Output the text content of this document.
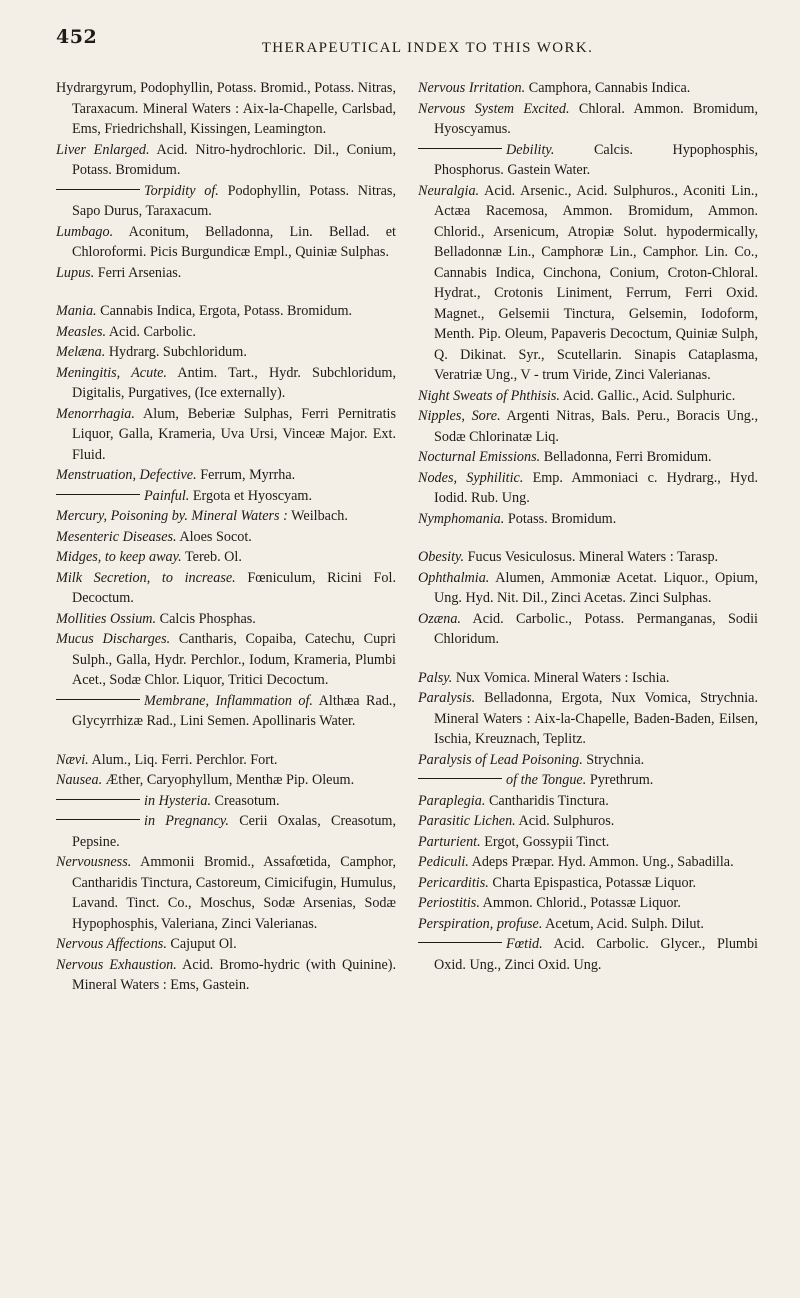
452	THERAPEUTICAL INDEX TO THIS WORK.

Hydrargyrum, Podophyllin, Potass. Bromid., Potass. Nitras, Taraxacum. Mineral Waters : Aix-la-Chapelle, Carlsbad, Ems, Friedrichshall, Kissingen, Leamington.

Liver Enlarged. Acid. Nitro-hydrochloric. Dil., Conium, Potass. Bromidum.

Torpidity of. Podophyllin, Potass. Nitras, Sapo Durus, Taraxacum.

Lumbago. Aconitum, Belladonna, Lin. Bellad. et Chloroformi. Picis Burgundicæ Empl., Quiniæ Sulphas.

Lupus. Ferri Arsenias.

Mania. Cannabis Indica, Ergota, Potass. Bromidum.

Measles. Acid. Carbolic.

Melæna. Hydrarg. Subchloridum.

Meningitis, Acute. Antim. Tart., Hydr. Subchloridum, Digitalis, Purgatives, (Ice externally).

Menorrhagia. Alum, Beberiæ Sulphas, Ferri Pernitratis Liquor, Galla, Krameria, Uva Ursi, Vinceæ Major. Ext. Fluid.

Menstruation, Defective. Ferrum, Myrrha.

Painful. Ergota et Hyoscyam.

Mercury, Poisoning by. Mineral Waters : Weilbach.

Mesenteric Diseases. Aloes Socot.

Midges, to keep away. Tereb. Ol.

Milk Secretion, to increase. Fœniculum, Ricini Fol. Decoctum.

Mollities Ossium. Calcis Phosphas.

Mucus Discharges. Cantharis, Copaiba, Catechu, Cupri Sulph., Galla, Hydr. Perchlor., Iodum, Krameria, Plumbi Acet., Sodæ Chlor. Liquor, Tritici Decoctum.

Membrane, Inflammation of. Althæa Rad., Glycyrrhizæ Rad., Lini Semen. Apollinaris Water.

Nævi. Alum., Liq. Ferri. Perchlor. Fort.

Nausea. Æther, Caryophyllum, Menthæ Pip. Oleum.

in Hysteria. Creasotum.

in Pregnancy. Cerii Oxalas, Creasotum, Pepsine.

Nervousness. Ammonii Bromid., Assafœtida, Camphor, Cantharidis Tinctura, Castoreum, Cimicifugin, Humulus, Lavand. Tinct. Co., Moschus, Sodæ Arsenias, Sodæ Hypophosphis, Valeriana, Zinci Valerianas.

Nervous Affections. Cajuput Ol.

Nervous Exhaustion. Acid. Bromo-hydric (with Quinine). Mineral Waters : Ems, Gastein.

Nervous Irritation. Camphora, Cannabis Indica.

Nervous System Excited. Chloral. Ammon. Bromidum, Hyoscyamus.

Debility.	Calcis. Hypophosphis, Phosphorus. Gastein Water.

Neuralgia. Acid. Arsenic., Acid. Sulphuros., Aconiti Lin., Actæa Racemosa, Ammon. Bromidum, Ammon. Chlorid., Arsenicum, Atropiæ Solut. hypodermically, Belladonnæ Lin., Camphoræ Lin., Camphor. Lin. Co., Cannabis Indica, Cinchona, Conium, Croton-Chloral. Hydrat., Crotonis Liniment, Ferrum, Ferri Oxid. Magnet., Gelsemii Tinctura, Gelsemin, Iodoform, Menth. Pip. Oleum, Papaveris Decoctum, Quiniæ Sulph, Q. Dikinat. Syr., Scutellarin. Sinapis Cataplasma, Veratriæ Ung., V - trum Viride, Zinci Valerianas.

Night Sweats of Phthisis. Acid. Gallic., Acid. Sulphuric.

Nipples, Sore. Argenti Nitras, Bals. Peru., Boracis Ung., Sodæ Chlorinatæ Liq.

Nocturnal Emissions. Belladonna, Ferri Bromidum.

Nodes, Syphilitic. Emp. Ammoniaci c. Hydrarg., Hyd. Iodid. Rub. Ung.

Nymphomania. Potass. Bromidum.

Obesity. Fucus Vesiculosus. Mineral Waters : Tarasp.

Ophthalmia. Alumen, Ammoniæ Acetat. Liquor., Opium, Ung. Hyd. Nit. Dil., Zinci Acetas. Zinci Sulphas.

Ozæna. Acid. Carbolic., Potass. Permanganas, Sodii Chloridum.

Palsy. Nux Vomica. Mineral Waters : Ischia.

Paralysis. Belladonna, Ergota, Nux Vomica, Strychnia. Mineral Waters : Aix-la-Chapelle, Baden-Baden, Eilsen, Ischia, Kreuznach, Teplitz.

Paralysis of Lead Poisoning. Strychnia.

of the Tongue. Pyrethrum.

Paraplegia. Cantharidis Tinctura.

Parasitic Lichen. Acid. Sulphuros.

Parturient. Ergot, Gossypii Tinct.

Pediculi. Adeps Præpar. Hyd. Ammon. Ung., Sabadilla.

Pericarditis. Charta Epispastica, Potassæ Liquor.

Periostitis. Ammon. Chlorid., Potassæ Liquor.

Perspiration, profuse. Acetum, Acid. Sulph. Dilut.

Fœtid. Acid. Carbolic. Glycer., Plumbi Oxid. Ung., Zinci Oxid. Ung.
